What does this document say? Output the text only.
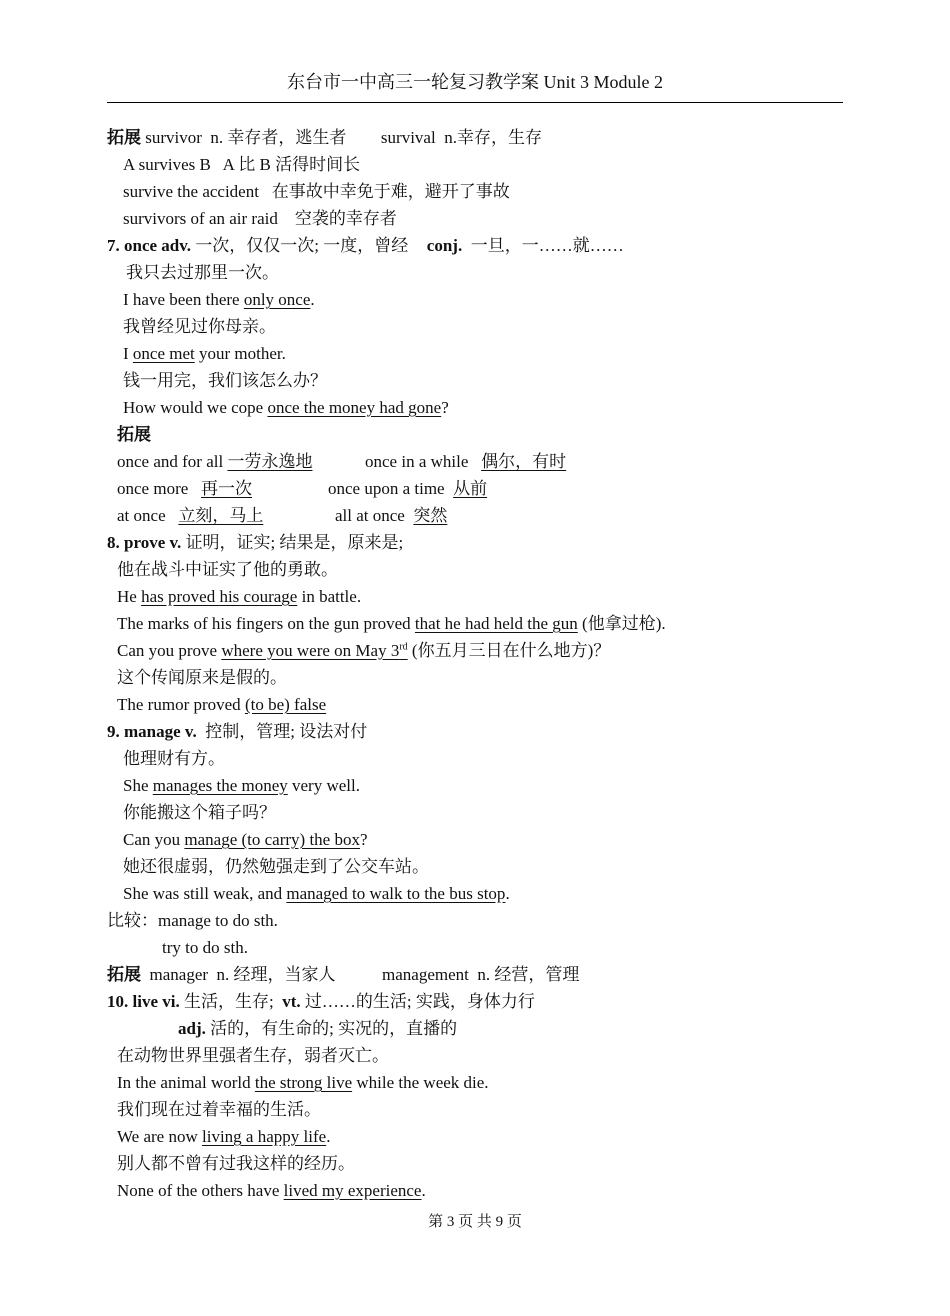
东台市一中高三一轮复习教学案 Unit 3 Module 2
拓展 survivor n. 幸存者，逃生者 survival n.幸存，生存
A survives B A 比 B 活得时间长
survive the accident 在事故中幸免于难，避开了事故
survivors of an air raid 空袭的幸存者
7. once adv. 一次，仅仅一次; 一度，曾经 conj. 一旦，一……就……
我只去过那里一次。
I have been there only once.
我曾经见过你母亲。
I once met your mother.
钱一用完，我们该怎么办？
How would we cope once the money had gone?
拓展
once and for all 一劳永逸地	once in a while 偶尔，有时
once more 再一次	once upon a time 从前
at once 立刻，马上	all at once 突然
8. prove v. 证明，证实; 结果是，原来是;
他在战斗中证实了他的勇敢。
He has proved his courage in battle.
The marks of his fingers on the gun proved that he had held the gun (他拿过枪).
Can you prove where you were on May 3rd (你五月三日在什么地方)？
这个传闻原来是假的。
The rumor proved (to be) false
9. manage v. 控制，管理; 设法对付
他理财有方。
She manages the money very well.
你能搬这个箱子吗？
Can you manage (to carry) the box?
她还很虚弱，仍然勉强走到了公交车站。
She was still weak, and managed to walk to the bus stop.
比较：manage to do sth.
try to do sth.
拓展 manager n. 经理，当家人	management n. 经营，管理
10. live vi. 生活，生存; vt. 过……的生活; 实践，身体力行
adj. 活的，有生命的; 实况的，直播的
在动物世界里强者生存，弱者灭亡。
In the animal world the strong live while the week die.
我们现在过着幸福的生活。
We are now living a happy life.
别人都不曾有过我这样的经历。
None of the others have lived my experience.
第 3 页 共 9 页
